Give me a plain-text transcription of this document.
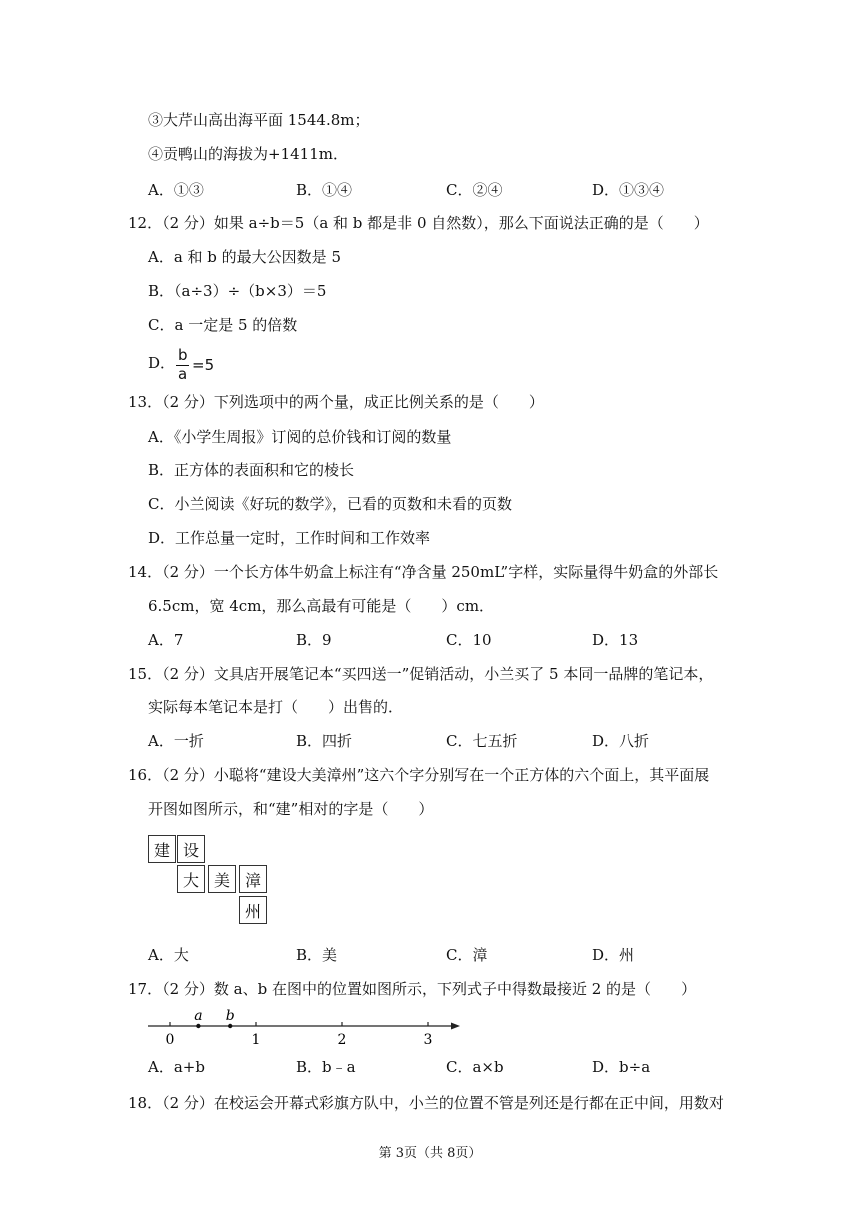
③大芹山高出海平面 1544.8m；
④贡鸭山的海拔为+1411m．
A．①③	B．①④	C．②④	D．①③④
12．（2 分）如果 a÷b＝5（a 和 b 都是非 0 自然数），那么下面说法正确的是（　　）
A．a 和 b 的最大公因数是 5
B．（a÷3）÷（b×3）＝5
C．a 一定是 5 的倍数
D． b
a =5
13．（2 分）下列选项中的两个量，成正比例关系的是（　　）
A．《小学生周报》订阅的总价钱和订阅的数量
B．正方体的表面积和它的棱长
C．小兰阅读《好玩的数学》，已看的页数和未看的页数
D．工作总量一定时，工作时间和工作效率
14．（2 分）一个长方体牛奶盒上标注有“净含量 250mL”字样，实际量得牛奶盒的外部长
6.5cm，宽 4cm，那么高最有可能是（　　）cm．
A．7	B．9	C．10	D．13
15．（2 分）文具店开展笔记本“买四送一”促销活动，小兰买了 5 本同一品牌的笔记本，
实际每本笔记本是打（　　）出售的．
A．一折	B．四折	C．七五折	D．八折
16．（2 分）小聪将“建设大美漳州”这六个字分别写在一个正方体的六个面上，其平面展
开图如图所示，和“建”相对的字是（　　）
建 设
大 美 漳
州
A．大	B．美	C．漳	D．州
17．（2 分）数 a、b 在图中的位置如图所示，下列式子中得数最接近 2 的是（　　）
0	1	2	3
a b
A．a+b	B．b﹣a	C．a×b	D．b÷a
18．（2 分）在校运会开幕式彩旗方队中，小兰的位置不管是列还是行都在正中间，用数对
第 3页（共 8页）
